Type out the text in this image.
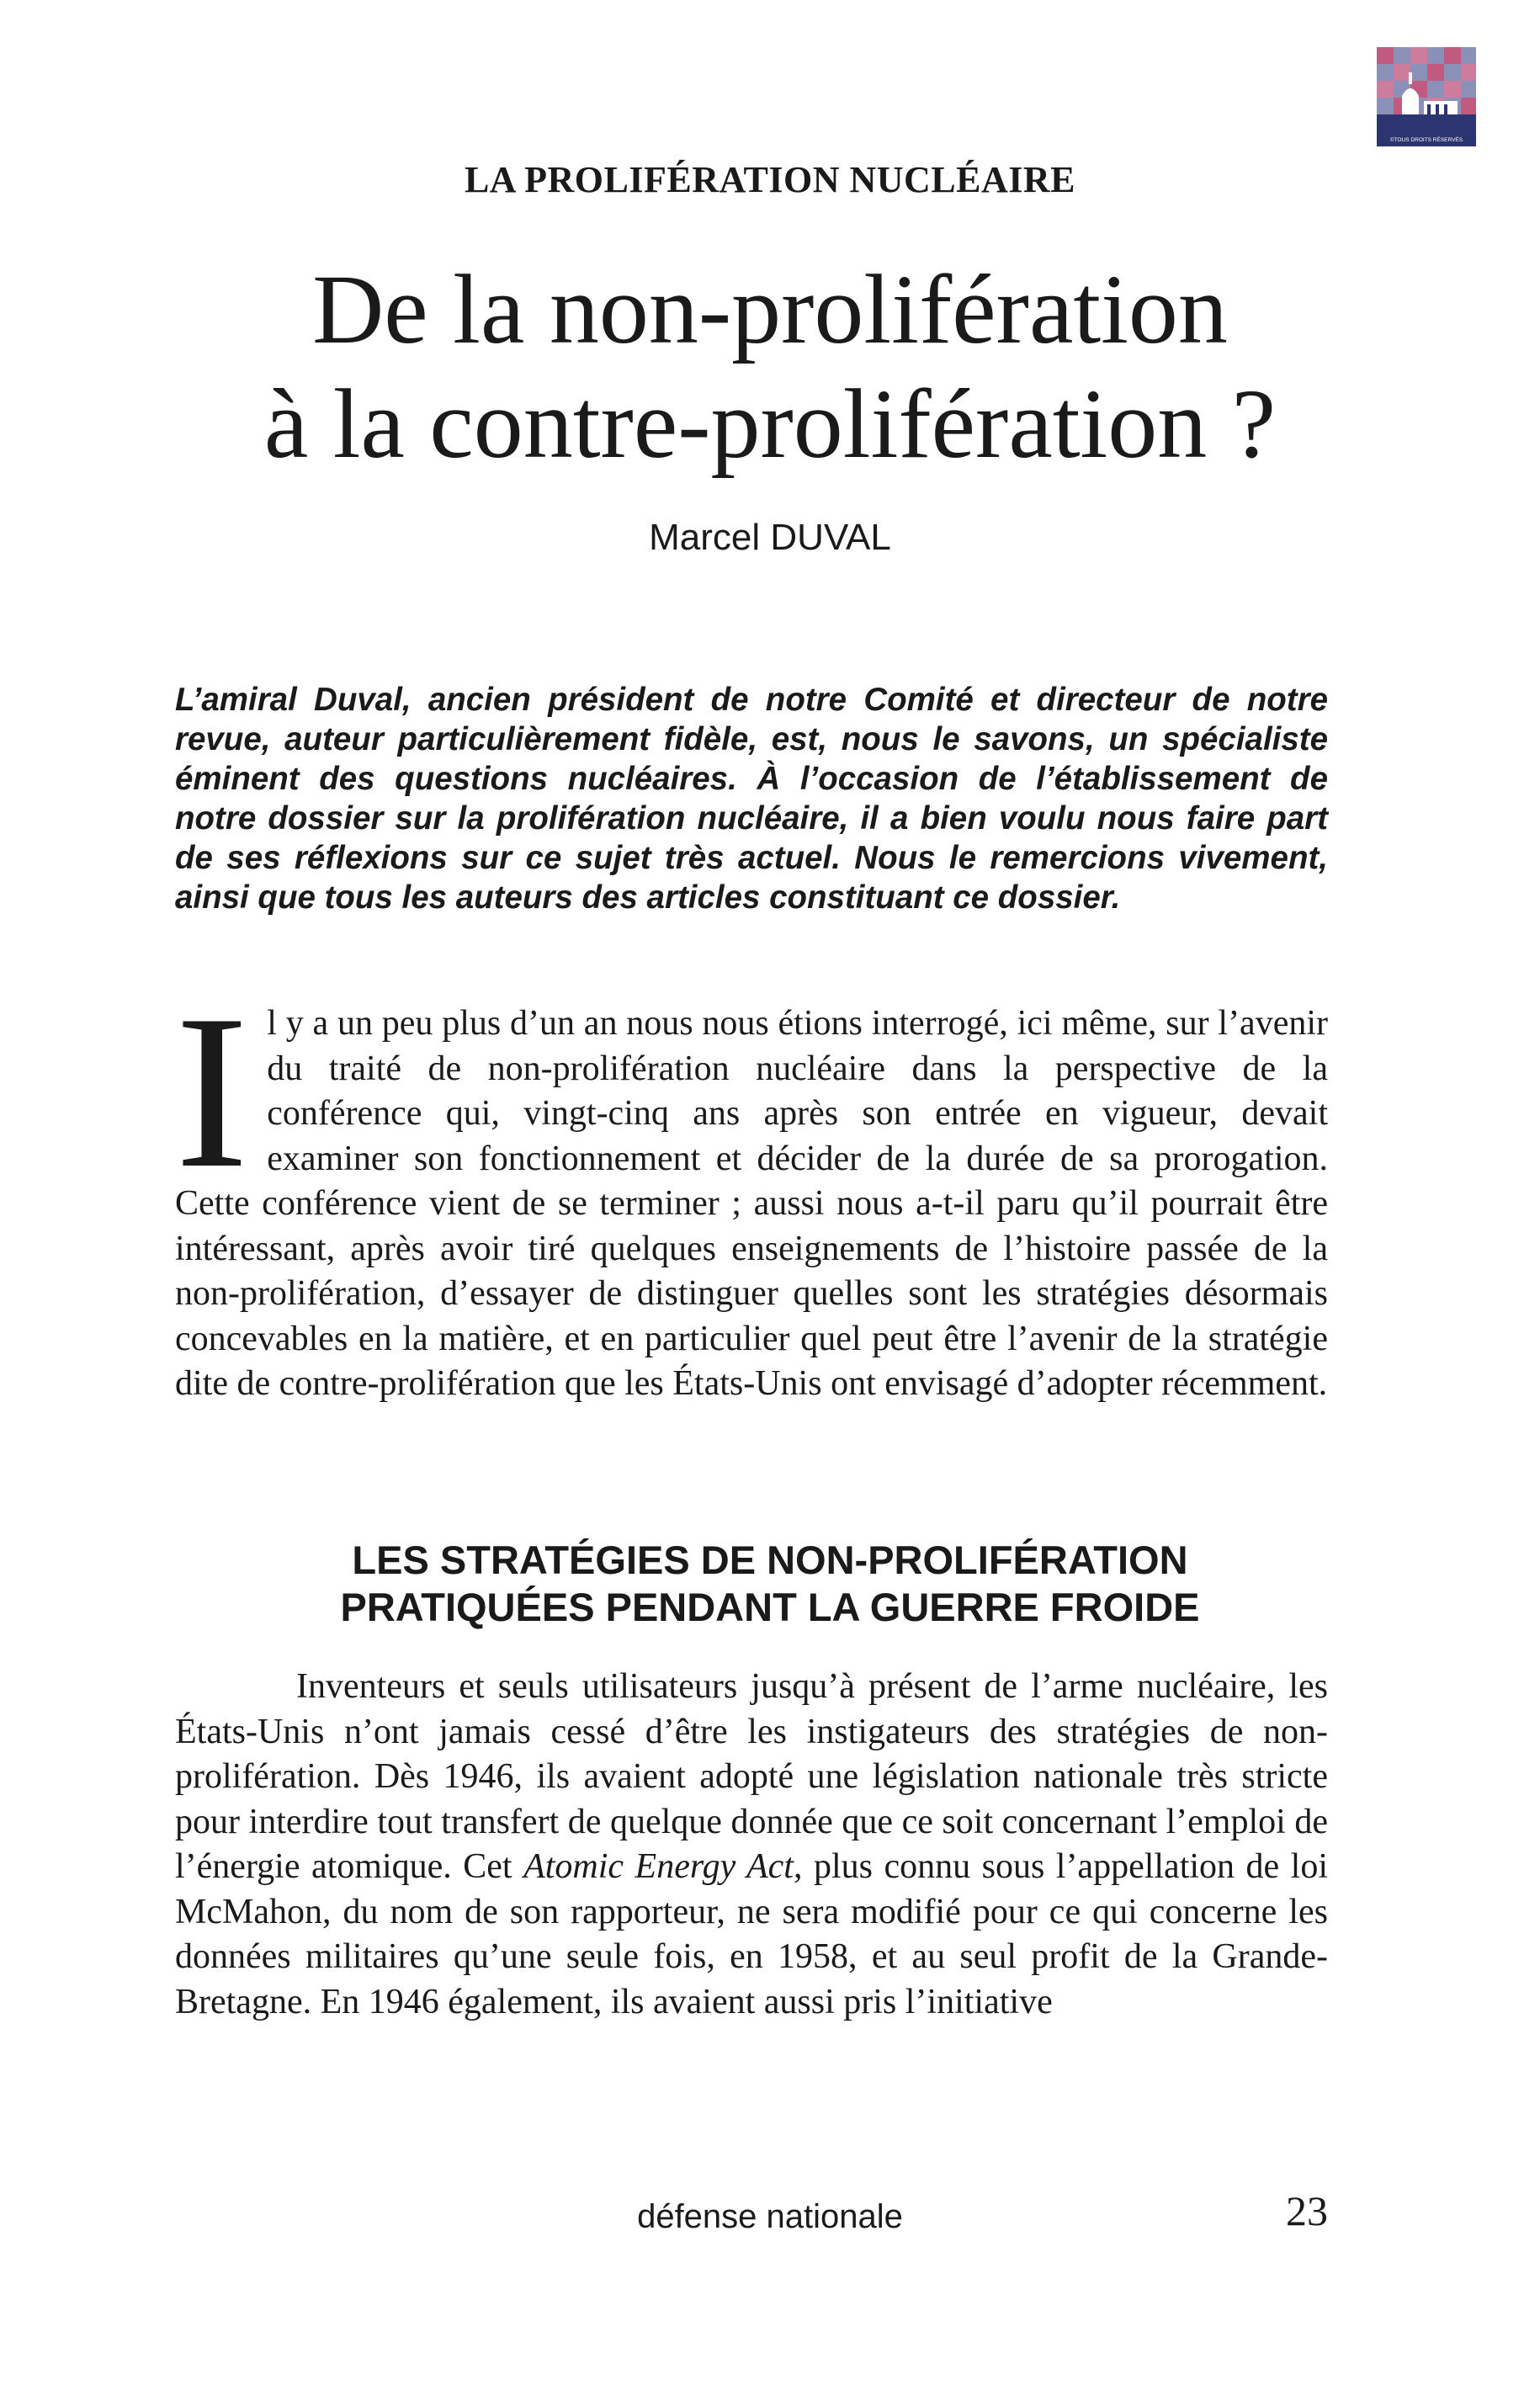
©TOUS DROITS RÉSERVÉS
LA PROLIFÉRATION NUCLÉAIRE
De la non-prolifération
à la contre-prolifération ?
Marcel DUVAL

L’amiral Duval, ancien président de notre Comité et directeur de notre revue, auteur particulièrement fidèle, est, nous le savons, un spécialiste éminent des questions nucléaires. À l’occasion de l’établissement de notre dossier sur la prolifération nucléaire, il a bien voulu nous faire part de ses réflexions sur ce sujet très actuel. Nous le remercions vivement, ainsi que tous les auteurs des articles constituant ce dossier.

Il y a un peu plus d’un an nous nous étions interrogé, ici même, sur l’avenir du traité de non-prolifération nucléaire dans la perspective de la conférence qui, vingt-cinq ans après son entrée en vigueur, devait examiner son fonctionnement et décider de la durée de sa prorogation. Cette conférence vient de se terminer ; aussi nous a-t-il paru qu’il pourrait être intéressant, après avoir tiré quelques enseignements de l’histoire passée de la non-prolifération, d’essayer de distinguer quelles sont les stratégies désormais concevables en la matière, et en particulier quel peut être l’avenir de la stratégie dite de contre-prolifération que les États-Unis ont envisagé d’adopter récemment.

LES STRATÉGIES DE NON-PROLIFÉRATION
PRATIQUÉES PENDANT LA GUERRE FROIDE

Inventeurs et seuls utilisateurs jusqu’à présent de l’arme nucléaire, les États-Unis n’ont jamais cessé d’être les instigateurs des stratégies de non-prolifération. Dès 1946, ils avaient adopté une législation nationale très stricte pour interdire tout transfert de quelque donnée que ce soit concernant l’emploi de l’énergie atomique. Cet Atomic Energy Act, plus connu sous l’appellation de loi McMahon, du nom de son rapporteur, ne sera modifié pour ce qui concerne les données militaires qu’une seule fois, en 1958, et au seul profit de la Grande-Bretagne. En 1946 également, ils avaient aussi pris l’initiative

défense nationale	23
